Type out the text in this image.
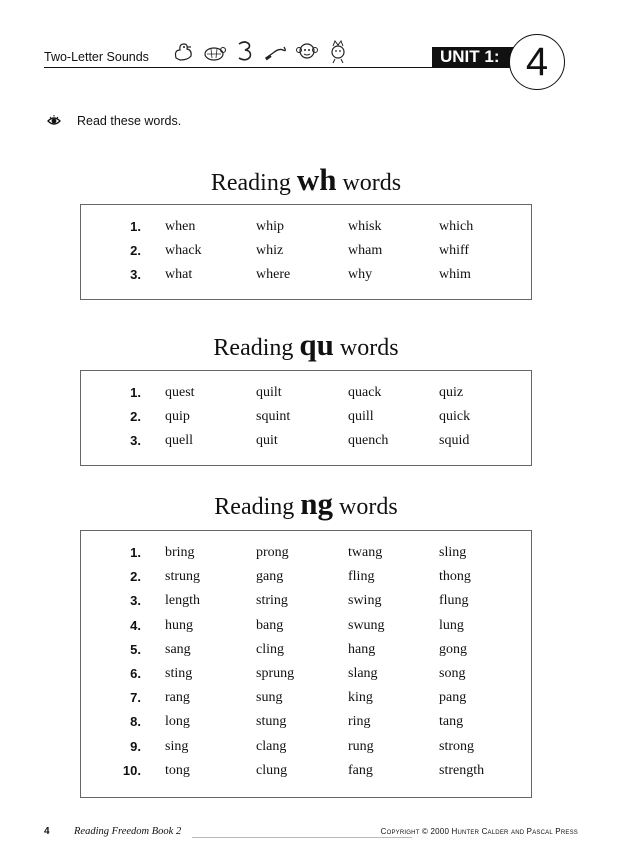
Two-Letter Sounds	UNIT 1: 4
Read these words.
Reading wh words
1. when	whip	whisk	which
2. whack	whiz	wham	whiff
3. what	where	why	whim
Reading qu words
1. quest	quilt	quack	quiz
2. quip	squint	quill	quick
3. quell	quit	quench	squid
Reading ng words
1. bring	prong	twang	sling
2. strung	gang	fling	thong
3. length	string	swing	flung
4. hung	bang	swung	lung
5. sang	cling	hang	gong
6. sting	sprung	slang	song
7. rang	sung	king	pang
8. long	stung	ring	tang
9. sing	clang	rung	strong
10. tong	clung	fang	strength
4 Reading Freedom Book 2	Copyright © 2000 Hunter Calder and Pascal Press
